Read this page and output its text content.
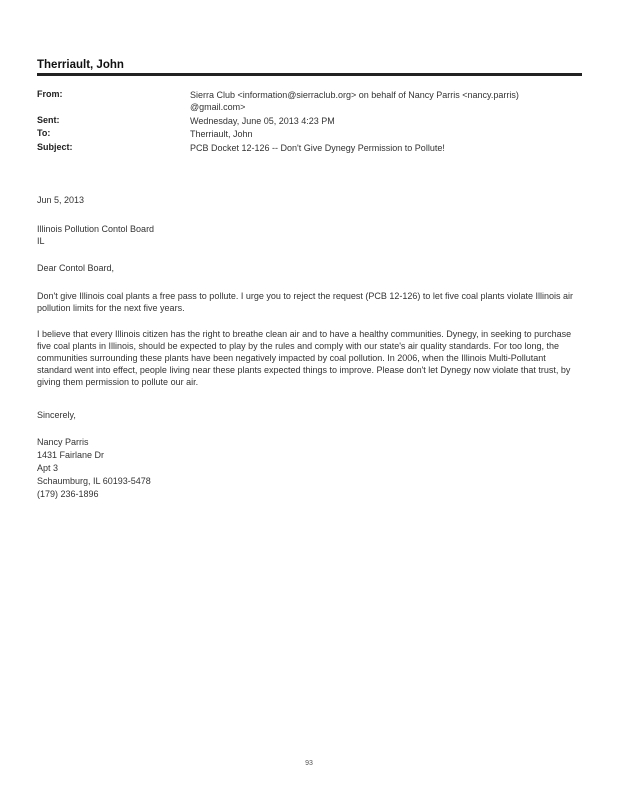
Therriault, John
From:	Sierra Club <information@sierraclub.org> on behalf of Nancy Parris <nancy.parris)
@gmail.com>
Sent:	Wednesday, June 05, 2013 4:23 PM
To:	Therriault, John
Subject:	PCB Docket 12-126 -- Don't Give Dynegy Permission to Pollute!
Jun 5, 2013
Illinois Pollution Contol Board
IL
Dear Contol Board,
Don't give Illinois coal plants a free pass to pollute. I urge you to reject the request (PCB 12-126) to let five coal plants violate Illinois air pollution limits for the next five years.
I believe that every Illinois citizen has the right to breathe clean air and to have a healthy communities. Dynegy, in seeking to purchase five coal plants in Illinois, should be expected to play by the rules and comply with our state's air quality standards. For too long, the communities surrounding these plants have been negatively impacted by coal pollution. In 2006, when the Illinois Multi-Pollutant standard went into effect, people living near these plants expected things to improve. Please don't let Dynegy now violate that trust, by giving them permission to pollute our air.
Sincerely,
Nancy Parris
1431 Fairlane Dr
Apt 3
Schaumburg, IL 60193-5478
(179) 236-1896
93
